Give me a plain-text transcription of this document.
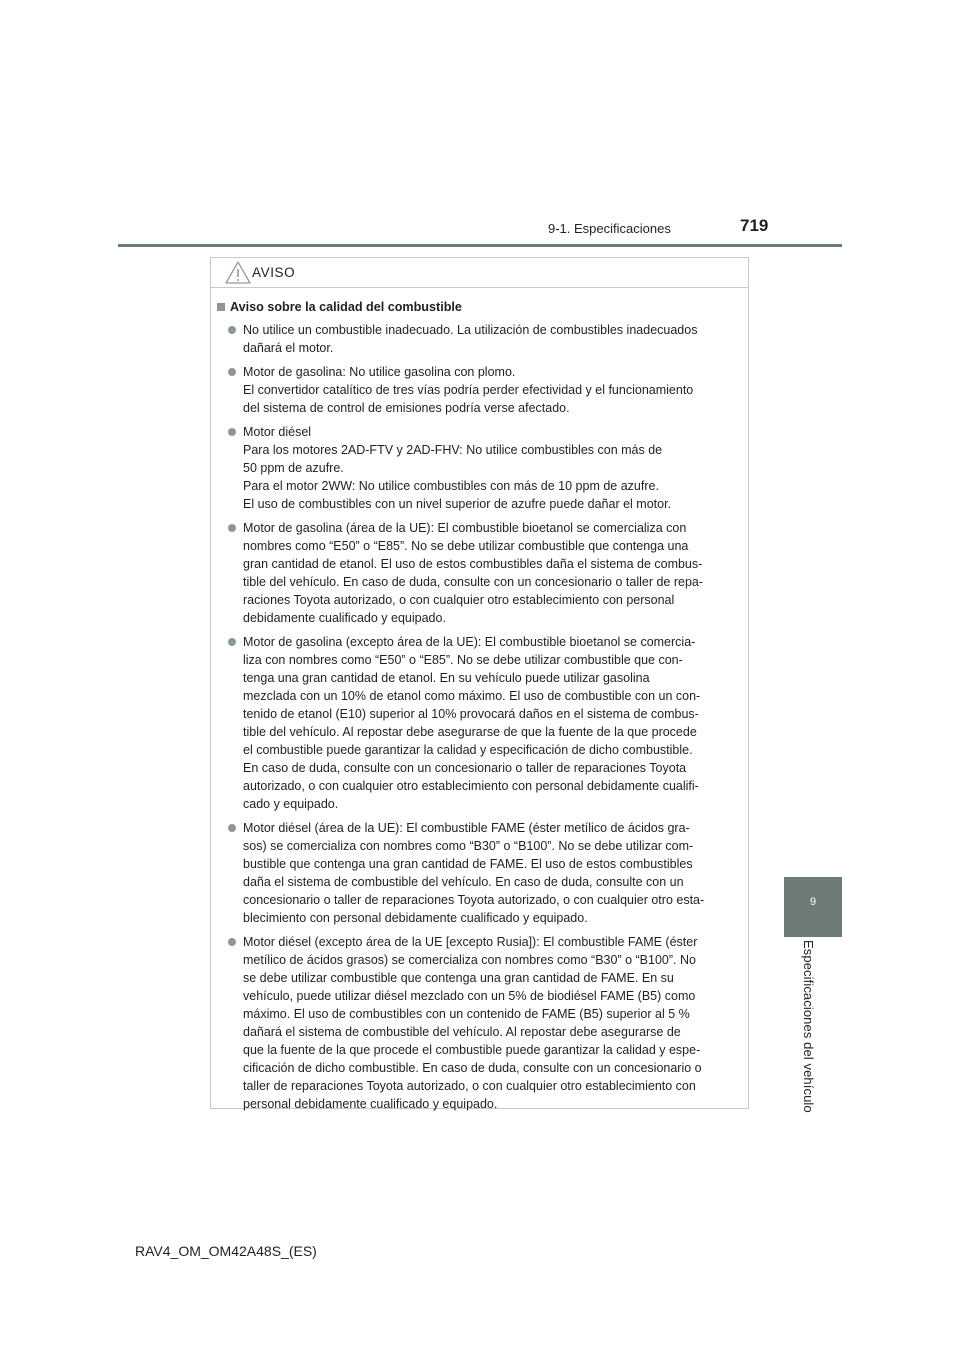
9-1. Especificaciones	719
9
Especificaciones del vehículo
AVISO
Aviso sobre la calidad del combustible
No utilice un combustible inadecuado. La utilización de combustibles inadecuados
dañará el motor.
Motor de gasolina: No utilice gasolina con plomo.
El convertidor catalítico de tres vías podría perder efectividad y el funcionamiento
del sistema de control de emisiones podría verse afectado.
Motor diésel
Para los motores 2AD-FTV y 2AD-FHV: No utilice combustibles con más de
50 ppm de azufre.
Para el motor 2WW: No utilice combustibles con más de 10 ppm de azufre.
El uso de combustibles con un nivel superior de azufre puede dañar el motor.
Motor de gasolina (área de la UE): El combustible bioetanol se comercializa con
nombres como “E50” o “E85”. No se debe utilizar combustible que contenga una
gran cantidad de etanol. El uso de estos combustibles daña el sistema de combus-
tible del vehículo. En caso de duda, consulte con un concesionario o taller de repa-
raciones Toyota autorizado, o con cualquier otro establecimiento con personal
debidamente cualificado y equipado.
Motor de gasolina (excepto área de la UE): El combustible bioetanol se comercia-
liza con nombres como “E50” o “E85”. No se debe utilizar combustible que con-
tenga una gran cantidad de etanol. En su vehículo puede utilizar gasolina
mezclada con un 10% de etanol como máximo. El uso de combustible con un con-
tenido de etanol (E10) superior al 10% provocará daños en el sistema de combus-
tible del vehículo. Al repostar debe asegurarse de que la fuente de la que procede
el combustible puede garantizar la calidad y especificación de dicho combustible.
En caso de duda, consulte con un concesionario o taller de reparaciones Toyota
autorizado, o con cualquier otro establecimiento con personal debidamente cualifi-
cado y equipado.
Motor diésel (área de la UE): El combustible FAME (éster metílico de ácidos gra-
sos) se comercializa con nombres como “B30” o “B100”. No se debe utilizar com-
bustible que contenga una gran cantidad de FAME. El uso de estos combustibles
daña el sistema de combustible del vehículo. En caso de duda, consulte con un
concesionario o taller de reparaciones Toyota autorizado, o con cualquier otro esta-
blecimiento con personal debidamente cualificado y equipado.
Motor diésel (excepto área de la UE [excepto Rusia]): El combustible FAME (éster
metílico de ácidos grasos) se comercializa con nombres como “B30” o “B100”. No
se debe utilizar combustible que contenga una gran cantidad de FAME. En su
vehículo, puede utilizar diésel mezclado con un 5% de biodiésel FAME (B5) como
máximo. El uso de combustibles con un contenido de FAME (B5) superior al 5 %
dañará el sistema de combustible del vehículo. Al repostar debe asegurarse de
que la fuente de la que procede el combustible puede garantizar la calidad y espe-
cificación de dicho combustible. En caso de duda, consulte con un concesionario o
taller de reparaciones Toyota autorizado, o con cualquier otro establecimiento con
personal debidamente cualificado y equipado.
RAV4_OM_OM42A48S_(ES)
